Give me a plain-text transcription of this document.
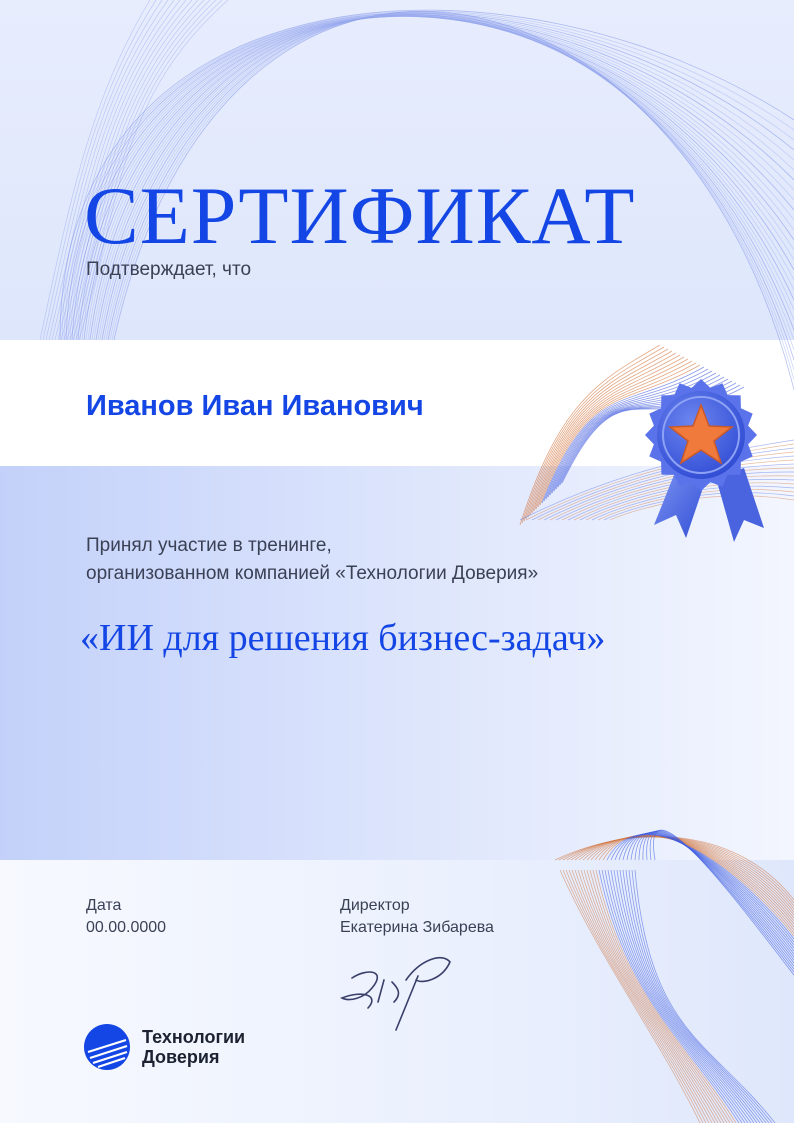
СЕРТИФИКАТ
Подтверждает, что
Иванов Иван Иванович
Принял участие в тренинге,
организованном компанией «Технологии Доверия»
«ИИ для решения бизнес-задач»
Дата
00.00.0000
Директор
Екатерина Зибарева
Технологии
Доверия
